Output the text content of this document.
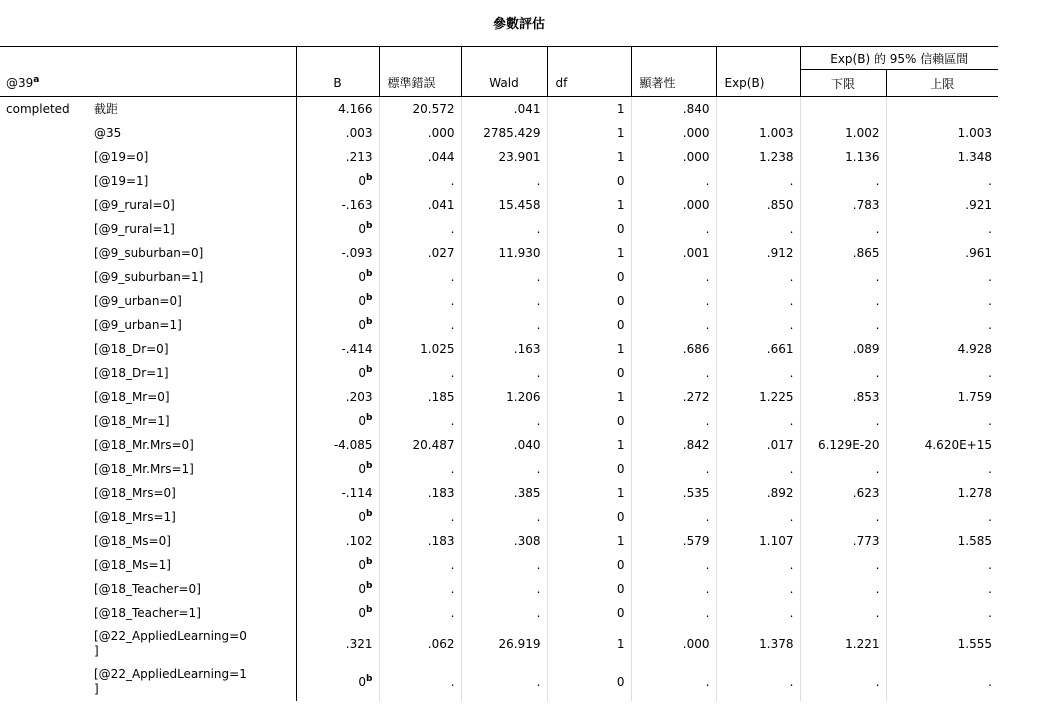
參數評估
								Exp(B) 的 95% 信賴區間	
@39$^a$		B	標準錯誤	Wald	df	顯著性	Exp(B)	下限	上限
completed	截距	4.166	20.572	.041	1	.840			
	@35	.003	.000	2785.429	1	.000	1.003	1.002	1.003
	[@19=0]	.213	.044	23.901	1	.000	1.238	1.136	1.348
	[@19=1]	0$^b$	.	.	0	.	.	.	.
	[@9_rural=0]	-.163	.041	15.458	1	.000	.850	.783	.921
	[@9_rural=1]	0$^b$	.	.	0	.	.	.	.
	[@9_suburban=0]	-.093	.027	11.930	1	.001	.912	.865	.961
	[@9_suburban=1]	0$^b$	.	.	0	.	.	.	.
	[@9_urban=0]	0$^b$	.	.	0	.	.	.	.
	[@9_urban=1]	0$^b$	.	.	0	.	.	.	.
	[@18_Dr=0]	-.414	1.025	.163	1	.686	.661	.089	4.928
	[@18_Dr=1]	0$^b$	.	.	0	.	.	.	.
	[@18_Mr=0]	.203	.185	1.206	1	.272	1.225	.853	1.759
	[@18_Mr=1]	0$^b$	.	.	0	.	.	.	.
	[@18_Mr.Mrs=0]	-4.085	20.487	.040	1	.842	.017	6.129E-20	4.620E+15
	[@18_Mr.Mrs=1]	0$^b$	.	.	0	.	.	.	.
	[@18_Mrs=0]	-.114	.183	.385	1	.535	.892	.623	1.278
	[@18_Mrs=1]	0$^b$	.	.	0	.	.	.	.
	[@18_Ms=0]	.102	.183	.308	1	.579	1.107	.773	1.585
	[@18_Ms=1]	0$^b$	.	.	0	.	.	.	.
	[@18_Teacher=0]	0$^b$	.	.	0	.	.	.	.
	[@18_Teacher=1]	0$^b$	.	.	0	.	.	.	.
	[@22_AppliedLearning=0
]	.321	.062	26.919	1	.000	1.378	1.221	1.555
	[@22_AppliedLearning=1
]	0$^b$	.	.	0	.	.	.	.
